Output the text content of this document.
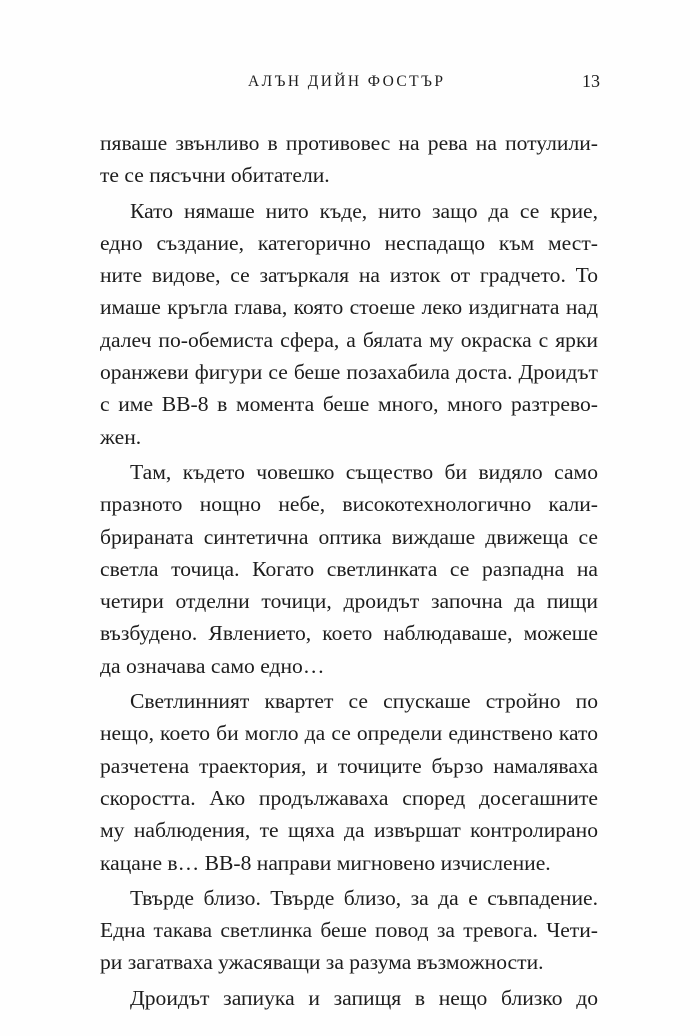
АЛЪН ДИЙН ФОСТЪР	13
пяваше звънливо в противовес на рева на потулили-
те се пясъчни обитатели.
Като нямаше нито къде, нито защо да се крие,
едно създание, категорично неспадащо към мест-
ните видове, се затъркаля на изток от градчето. То
имаше кръгла глава, която стоеше леко издигната над
далеч по-обемиста сфера, а бялата му окраска с ярки
оранжеви фигури се беше позахабила доста. Дроидът
с име BB-8 в момента беше много, много разтрево-
жен.
Там, където човешко същество би видяло само
празното нощно небе, високотехнологично кали-
брираната синтетична оптика виждаше движеща се
светла точица. Когато светлинката се разпадна на
четири отделни точици, дроидът започна да пищи
възбудено. Явлението, което наблюдаваше, можеше
да означава само едно…
Светлинният квартет се спускаше стройно по
нещо, което би могло да се определи единствено като
разчетена траектория, и точиците бързо намаляваха
скоростта. Ако продължаваха според досегашните
му наблюдения, те щяха да извършат контролирано
кацане в… BB-8 направи мигновено изчисление.
Твърде близо. Твърде близо, за да е съвпадение.
Една такава светлинка беше повод за тревога. Чети-
ри загатваха ужасяващи за разума възможности.
Дроидът запиука и запищя в нещо близко до
